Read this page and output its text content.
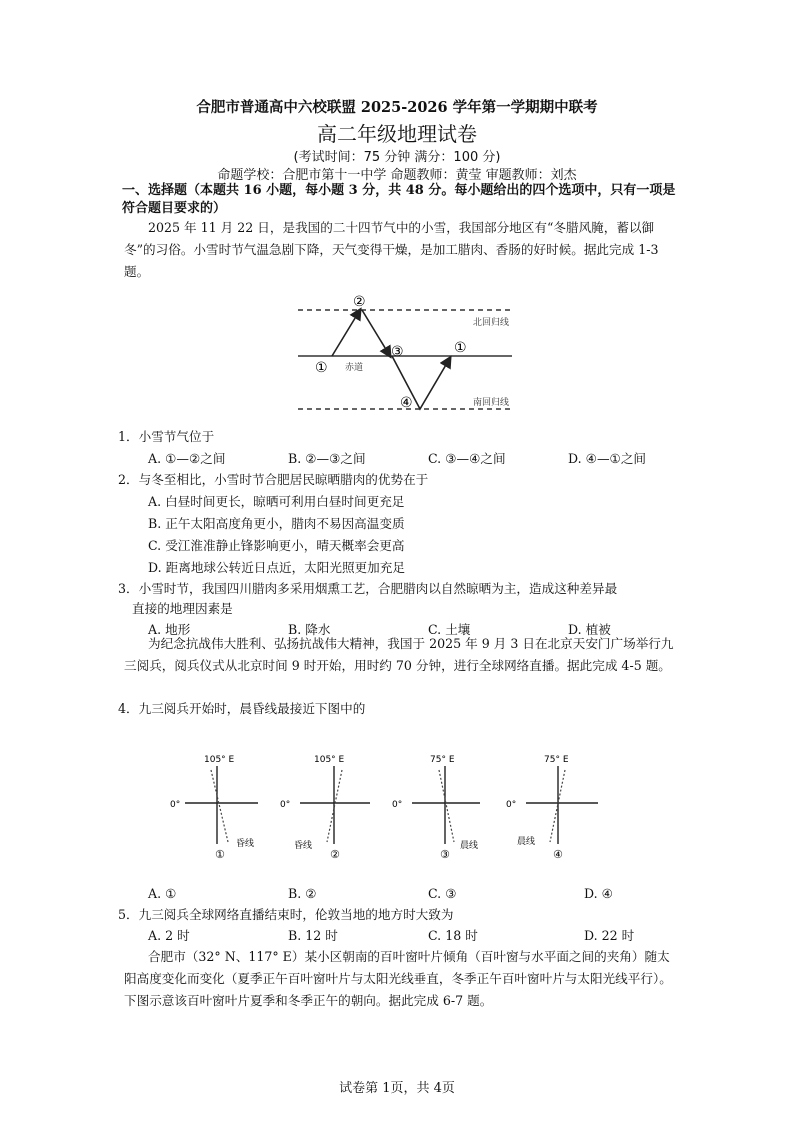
合肥市普通高中六校联盟 2025-2026 学年第一学期期中联考
高二年级地理试卷
(考试时间：75 分钟 满分：100 分)
命题学校：合肥市第十一中学 命题教师：黄莹 审题教师：刘杰
一、选择题（本题共 16 小题，每小题 3 分，共 48 分。每小题给出的四个选项中，只有一项是符合题目要求的）
2025 年 11 月 22 日，是我国的二十四节气中的小雪，我国部分地区有“冬腊风腌，蓄以御冬”的习俗。小雪时节气温急剧下降，天气变得干燥，是加工腊肉、香肠的好时候。据此完成 1-3 题。
北回归线
赤道
南回归线
①
②
③
④
①
1．小雪节气位于
A. ①—②之间	B. ②—③之间	C. ③—④之间	D. ④—①之间
2．与冬至相比，小雪时节合肥居民晾晒腊肉的优势在于
A. 白昼时间更长，晾晒可利用白昼时间更充足
B. 正午太阳高度角更小，腊肉不易因高温变质
C. 受江淮准静止锋影响更小，晴天概率会更高
D. 距离地球公转近日点近，太阳光照更加充足
3．小雪时节，我国四川腊肉多采用烟熏工艺，合肥腊肉以自然晾晒为主，造成这种差异最
直接的地理因素是
A. 地形	B. 降水	C. 土壤	D. 植被
为纪念抗战伟大胜利、弘扬抗战伟大精神，我国于 2025 年 9 月 3 日在北京天安门广场举行九三阅兵，阅兵仪式从北京时间 9 时开始，用时约 70 分钟，进行全球网络直播。据此完成 4-5 题。
4．九三阅兵开始时，晨昏线最接近下图中的
105° E
0°
昏线
①
105° E
0°
昏线
②
75° E
0°
晨线
③
75° E
0°
晨线
④
A. ①	B. ②	C. ③	D. ④
5．九三阅兵全球网络直播结束时，伦敦当地的地方时大致为
A. 2 时	B. 12 时	C. 18 时	D. 22 时
合肥市（32° N、117° E）某小区朝南的百叶窗叶片倾角（百叶窗与水平面之间的夹角）随太阳高度变化而变化（夏季正午百叶窗叶片与太阳光线垂直，冬季正午百叶窗叶片与太阳光线平行）。下图示意该百叶窗叶片夏季和冬季正午的朝向。据此完成 6-7 题。
试卷第 1页，共 4页
